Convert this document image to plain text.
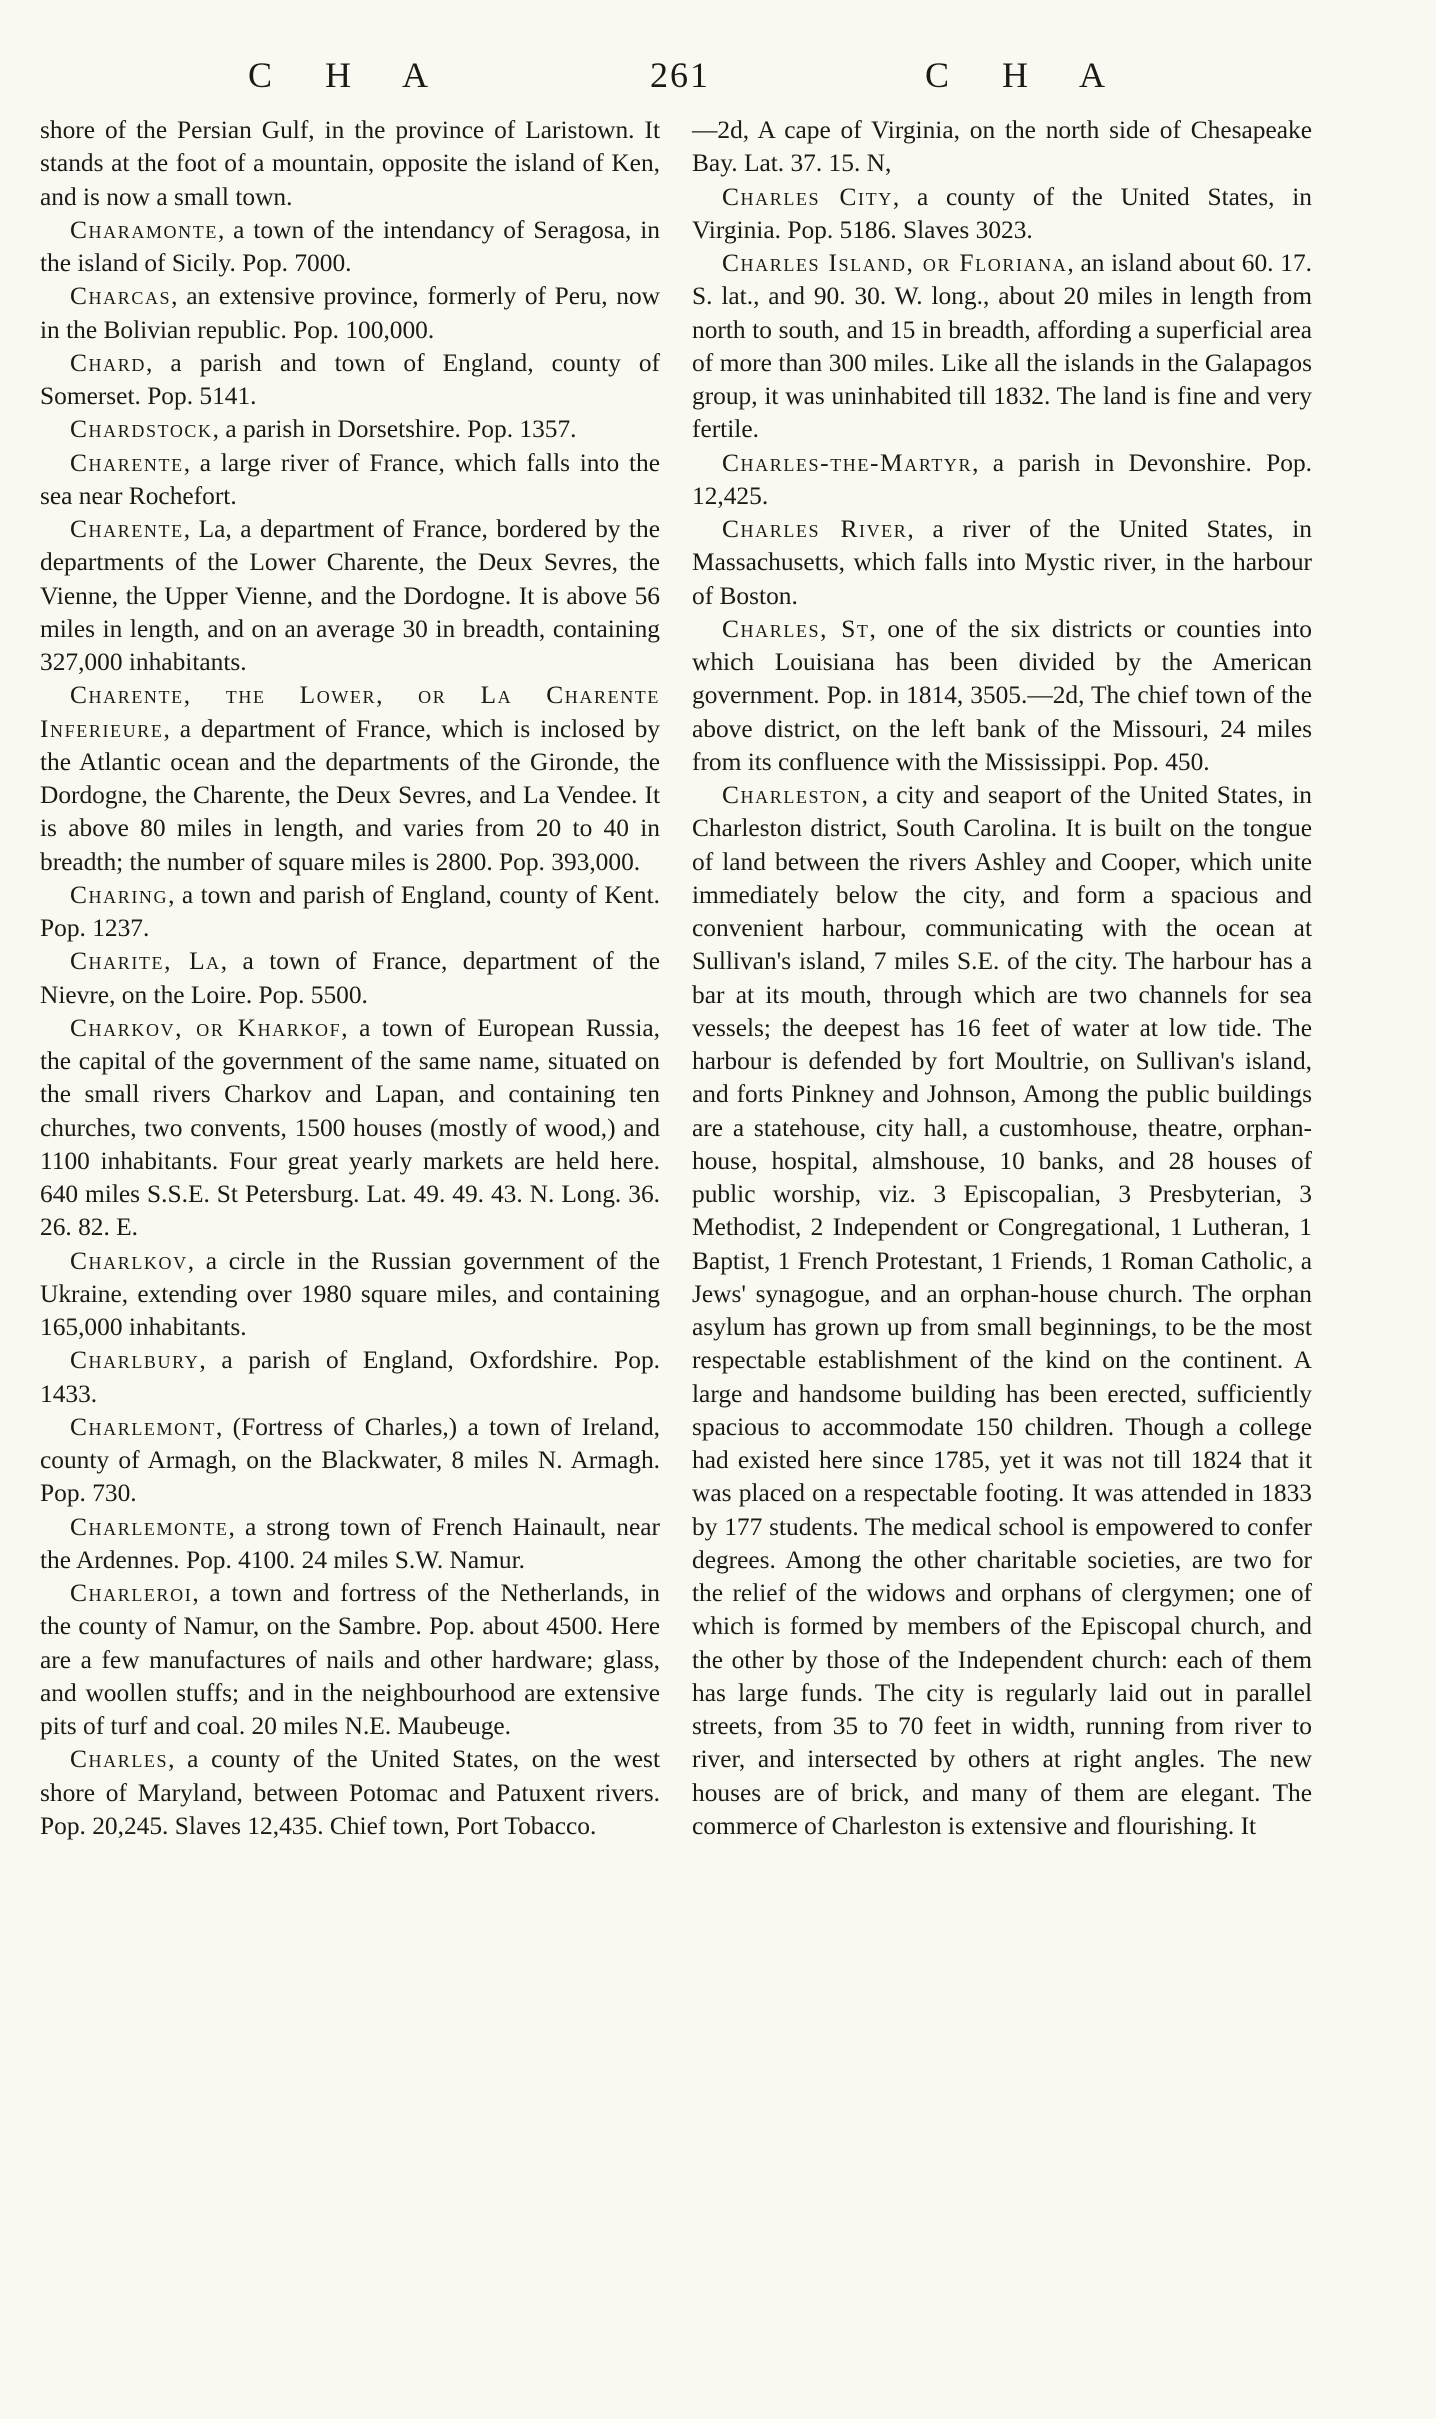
C H A	261	C H A

shore of the Persian Gulf, in the province of Laristown. It stands at the foot of a mountain, opposite the island of Ken, and is now a small town.

Charamonte, a town of the intendancy of Seragosa, in the island of Sicily. Pop. 7000.

Charcas, an extensive province, formerly of Peru, now in the Bolivian republic. Pop. 100,000.

Chard, a parish and town of England, county of Somerset. Pop. 5141.

Chardstock, a parish in Dorsetshire. Pop. 1357.

Charente, a large river of France, which falls into the sea near Rochefort.

Charente, La, a department of France, bordered by the departments of the Lower Charente, the Deux Sevres, the Vienne, the Upper Vienne, and the Dordogne. It is above 56 miles in length, and on an average 30 in breadth, containing 327,000 inhabitants.

Charente, the Lower, or La Charente Inferieure, a department of France, which is inclosed by the Atlantic ocean and the departments of the Gironde, the Dordogne, the Charente, the Deux Sevres, and La Vendee. It is above 80 miles in length, and varies from 20 to 40 in breadth; the number of square miles is 2800. Pop. 393,000.

Charing, a town and parish of England, county of Kent. Pop. 1237.

Charite, La, a town of France, department of the Nievre, on the Loire. Pop. 5500.

Charkov, or Kharkof, a town of European Russia, the capital of the government of the same name, situated on the small rivers Charkov and Lapan, and containing ten churches, two convents, 1500 houses (mostly of wood,) and 1100 inhabitants. Four great yearly markets are held here. 640 miles S.S.E. St Petersburg. Lat. 49. 49. 43. N. Long. 36. 26. 82. E.

Charlkov, a circle in the Russian government of the Ukraine, extending over 1980 square miles, and containing 165,000 inhabitants.

Charlbury, a parish of England, Oxfordshire. Pop. 1433.

Charlemont, (Fortress of Charles,) a town of Ireland, county of Armagh, on the Blackwater, 8 miles N. Armagh. Pop. 730.

Charlemonte, a strong town of French Hainault, near the Ardennes. Pop. 4100. 24 miles S.W. Namur.

Charleroi, a town and fortress of the Netherlands, in the county of Namur, on the Sambre. Pop. about 4500. Here are a few manufactures of nails and other hardware; glass, and woollen stuffs; and in the neighbourhood are extensive pits of turf and coal. 20 miles N.E. Maubeuge.

Charles, a county of the United States, on the west shore of Maryland, between Potomac and Patuxent rivers. Pop. 20,245. Slaves 12,435. Chief town, Port Tobacco.

—2d, A cape of Virginia, on the north side of Chesapeake Bay. Lat. 37. 15. N,

Charles City, a county of the United States, in Virginia. Pop. 5186. Slaves 3023.

Charles Island, or Floriana, an island about 60. 17. S. lat., and 90. 30. W. long., about 20 miles in length from north to south, and 15 in breadth, affording a superficial area of more than 300 miles. Like all the islands in the Galapagos group, it was uninhabited till 1832. The land is fine and very fertile.

Charles-the-Martyr, a parish in Devonshire. Pop. 12,425.

Charles River, a river of the United States, in Massachusetts, which falls into Mystic river, in the harbour of Boston.

Charles, St, one of the six districts or counties into which Louisiana has been divided by the American government. Pop. in 1814, 3505.—2d, The chief town of the above district, on the left bank of the Missouri, 24 miles from its confluence with the Mississippi. Pop. 450.

Charleston, a city and seaport of the United States, in Charleston district, South Carolina. It is built on the tongue of land between the rivers Ashley and Cooper, which unite immediately below the city, and form a spacious and convenient harbour, communicating with the ocean at Sullivan's island, 7 miles S.E. of the city. The harbour has a bar at its mouth, through which are two channels for sea vessels; the deepest has 16 feet of water at low tide. The harbour is defended by fort Moultrie, on Sullivan's island, and forts Pinkney and Johnson, Among the public buildings are a statehouse, city hall, a customhouse, theatre, orphan-house, hospital, almshouse, 10 banks, and 28 houses of public worship, viz. 3 Episcopalian, 3 Presbyterian, 3 Methodist, 2 Independent or Congregational, 1 Lutheran, 1 Baptist, 1 French Protestant, 1 Friends, 1 Roman Catholic, a Jews' synagogue, and an orphan-house church. The orphan asylum has grown up from small beginnings, to be the most respectable establishment of the kind on the continent. A large and handsome building has been erected, sufficiently spacious to accommodate 150 children. Though a college had existed here since 1785, yet it was not till 1824 that it was placed on a respectable footing. It was attended in 1833 by 177 students. The medical school is empowered to confer degrees. Among the other charitable societies, are two for the relief of the widows and orphans of clergymen; one of which is formed by members of the Episcopal church, and the other by those of the Independent church: each of them has large funds. The city is regularly laid out in parallel streets, from 35 to 70 feet in width, running from river to river, and intersected by others at right angles. The new houses are of brick, and many of them are elegant. The commerce of Charleston is extensive and flourishing. It
